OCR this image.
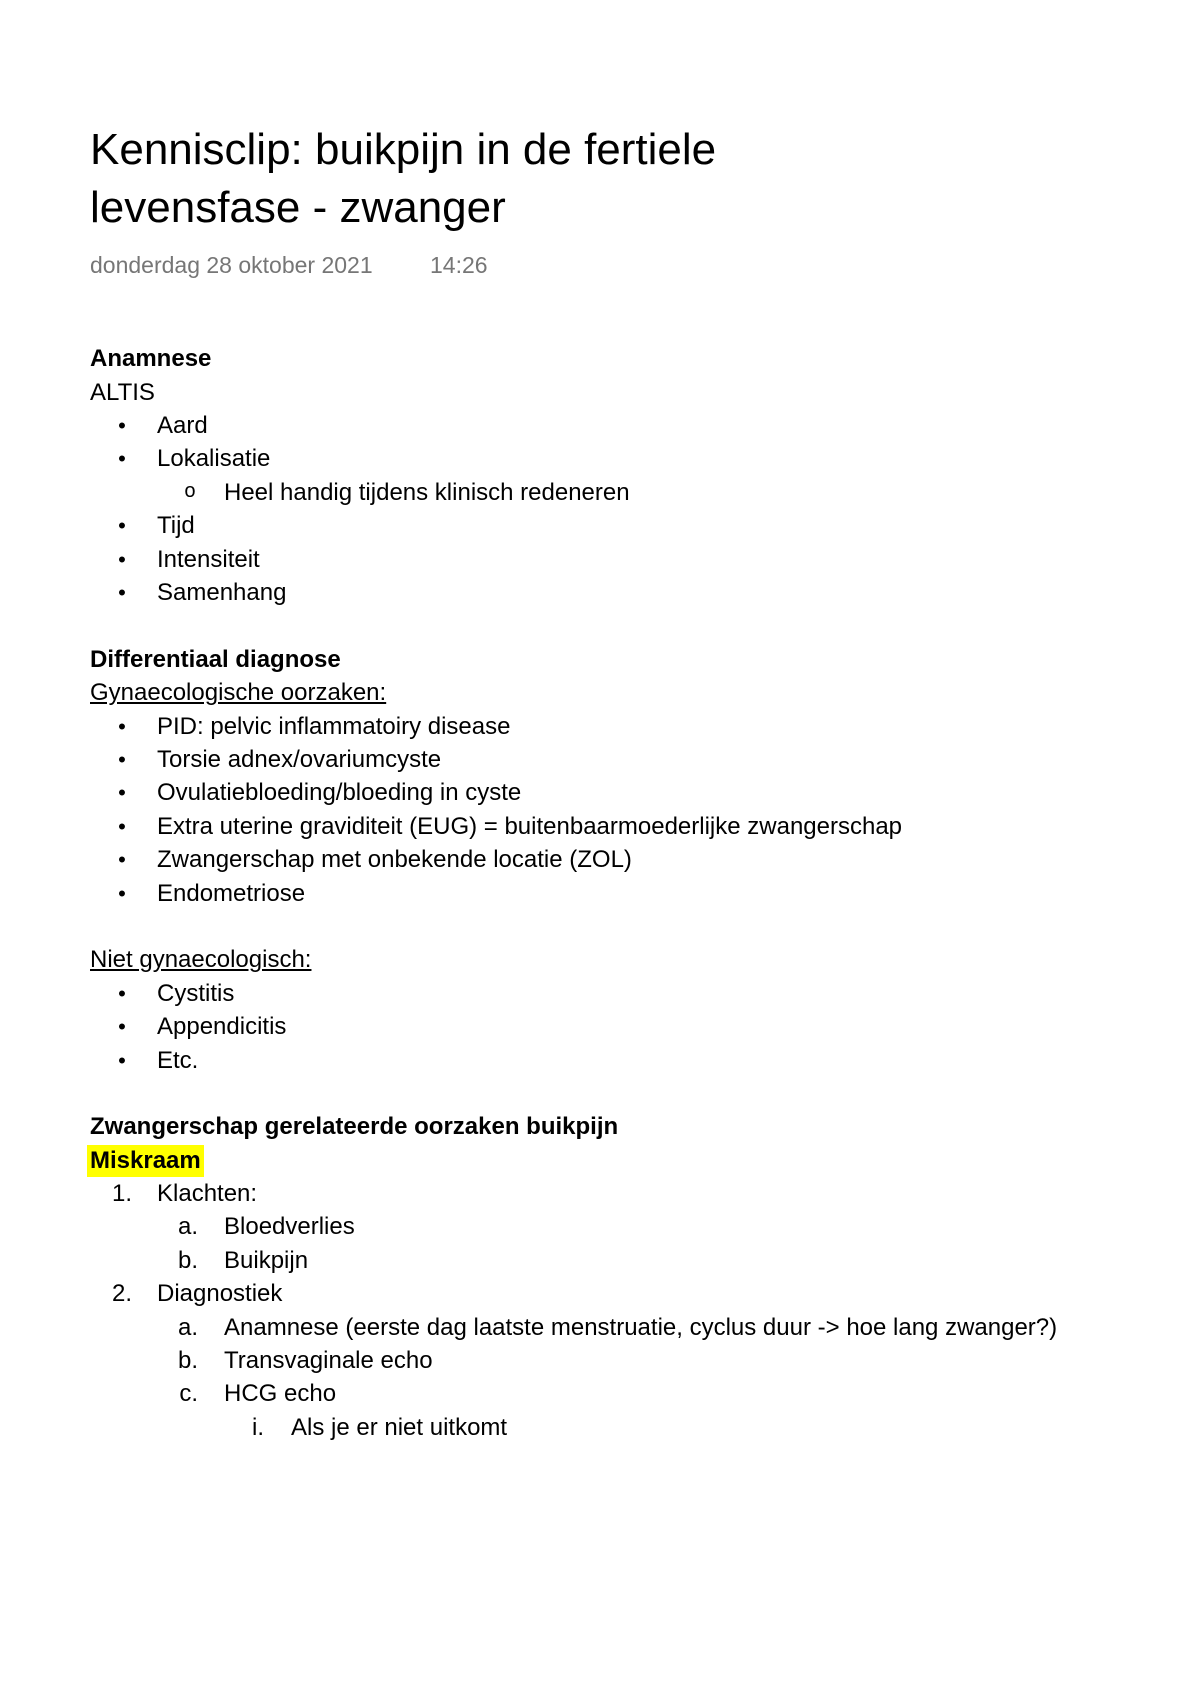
Kennisclip: buikpijn in de fertiele
levensfase - zwanger
donderdag 28 oktober 2021 14:26
Anamnese
ALTIS
•	Aard
•	Lokalisatie
o Heel handig tijdens klinisch redeneren
•	Tijd
•	Intensiteit
•	Samenhang
Differentiaal diagnose
Gynaecologische oorzaken:
•	PID: pelvic inflammatoiry disease
•	Torsie adnex/ovariumcyste
•	Ovulatiebloeding/bloeding in cyste
•	Extra uterine graviditeit (EUG) = buitenbaarmoederlijke zwangerschap
•	Zwangerschap met onbekende locatie (ZOL)
•	Endometriose
Niet gynaecologisch:
•	Cystitis
•	Appendicitis
•	Etc.
Zwangerschap gerelateerde oorzaken buikpijn
Miskraam
1. Klachten:
a. Bloedverlies
b. Buikpijn
2. Diagnostiek
a. Anamnese (eerste dag laatste menstruatie, cyclus duur -> hoe lang zwanger?)
b. Transvaginale echo
c. HCG echo
i. Als je er niet uitkomt
